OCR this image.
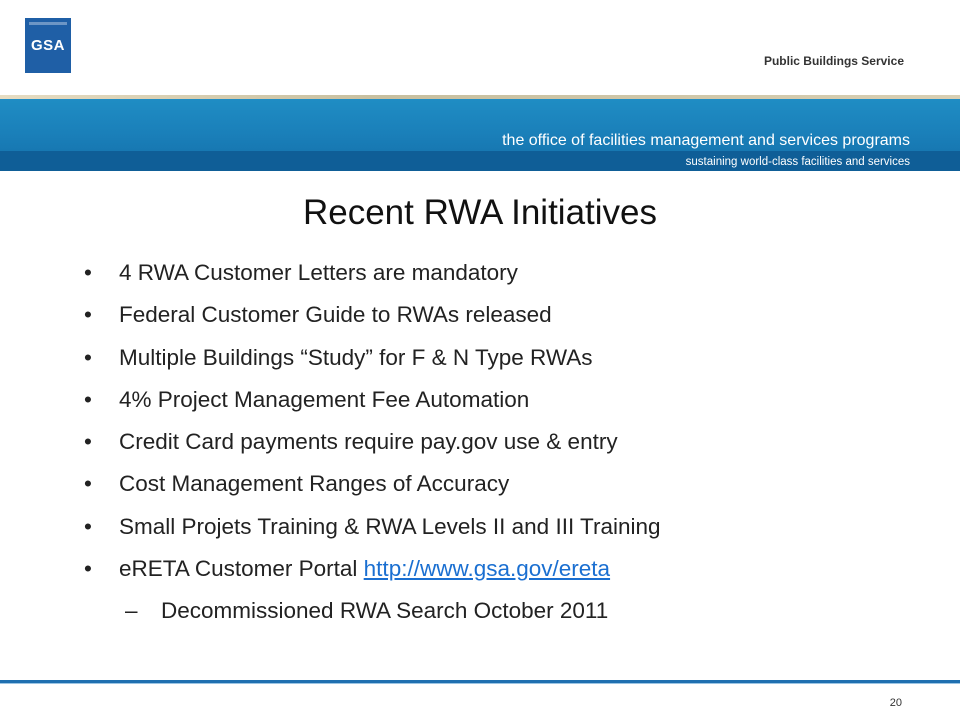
GSA
Public Buildings Service
the office of facilities management and services programs
sustaining world-class facilities and services
Recent RWA Initiatives
• 4 RWA Customer Letters are mandatory
• Federal Customer Guide to RWAs released
• Multiple Buildings “Study” for F & N Type RWAs
• 4% Project Management Fee Automation
• Credit Card payments require pay.gov use & entry
• Cost Management Ranges of Accuracy
• Small Projets Training & RWA Levels II and III Training
• eRETA Customer Portal http://www.gsa.gov/ereta
– Decommissioned RWA Search October 2011
20
